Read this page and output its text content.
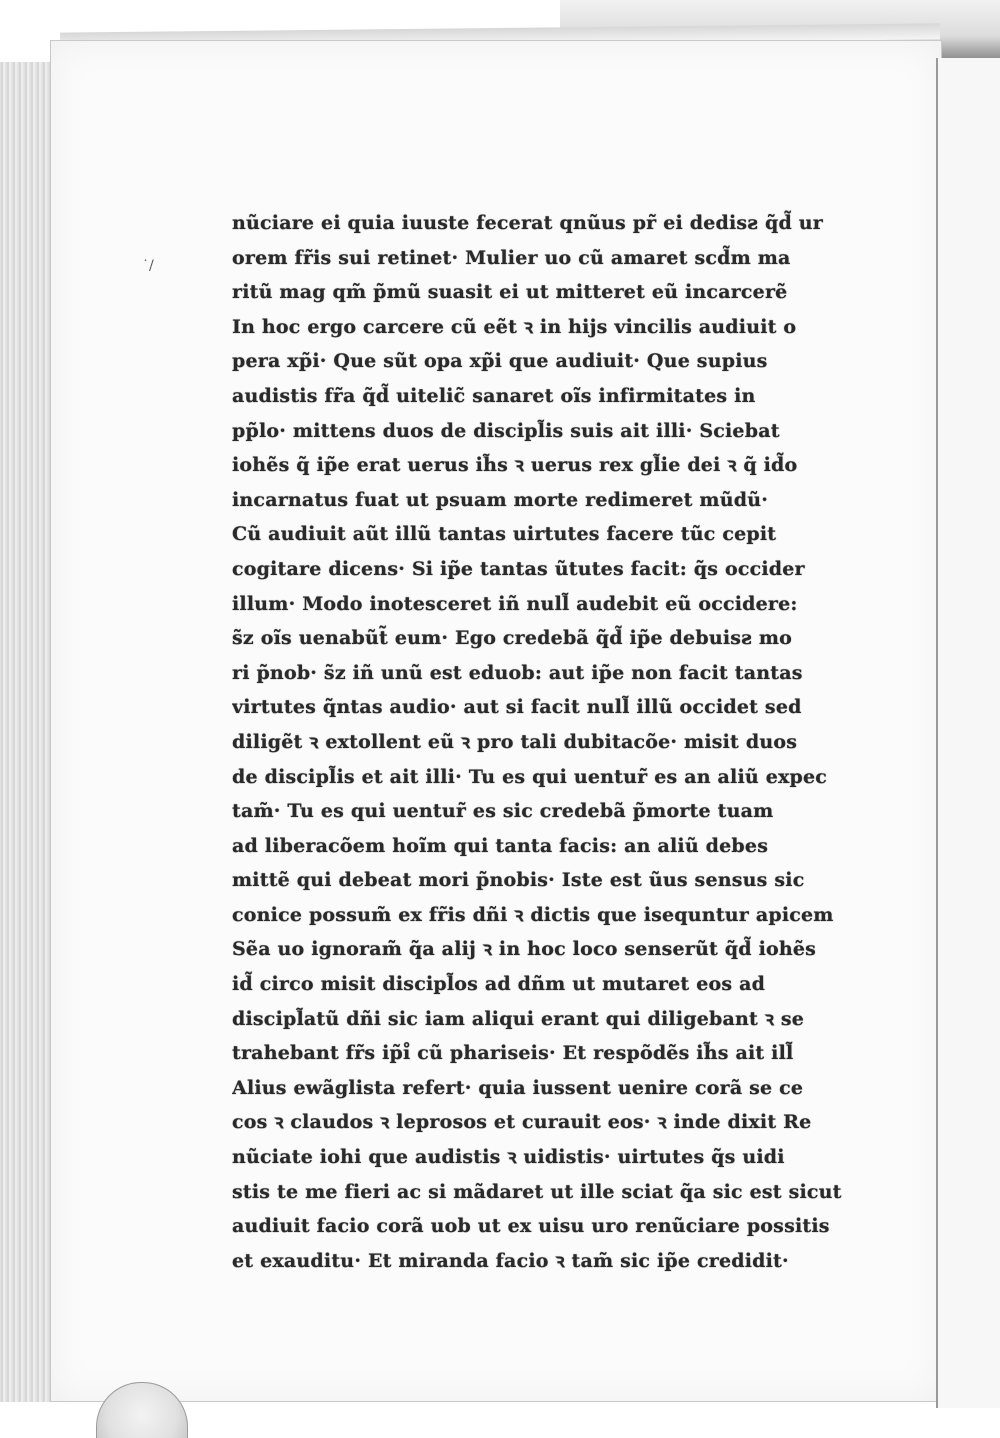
˙/
nũciare ei quia iuuste fecerat qnũus pr̃ ei dedisƨ q̃d̃ ur
orem fr̃is sui retinet· Mulier uo cũ amaret scd̃m ma
ritũ mag qm̃ p̃mũ suasit ei ut mitteret eũ incarcerẽ
In hoc ergo carcere cũ eẽt ꝛ in hijs vincilis audiuit o
pera xp̃i· Que sũt opa xp̃i que audiuit· Que supius
audistis fr̃a q̃d̃ uitelic̃ sanaret oĩs infirmitates in
pp̃lo· mittens duos de discipl̃is suis ait illi· Sciebat
iohẽs q̃ ip̃e erat uerus ih̃s ꝛ uerus rex gl̃ie dei ꝛ q̃ id̃o
incarnatus fuat ut psuam morte redimeret mũdũ·
Cũ audiuit aũt illũ tantas uirtutes facere tũc cepit
cogitare dicens· Si ip̃e tantas ũtutes facit: q̃s occider
illum· Modo inotesceret iñ null̃ audebit eũ occidere:
s̃z oĩs uenabũt̃ eum· Ego credebã q̃d̃ ip̃e debuisƨ mo
ri p̃nob· s̃z iñ unũ est eduob: aut ip̃e non facit tantas
virtutes q̃ntas audio· aut si facit null̃ illũ occidet sed
diligẽt ꝛ extollent eũ ꝛ pro tali dubitacõe· misit duos
de discipl̃is et ait illi· Tu es qui uentur̃ es an aliũ expec
tam̃· Tu es qui uentur̃ es sic credebã p̃morte tuam
ad liberacõem hoĩm qui tanta facis: an aliũ debes
mittẽ qui debeat mori p̃nobis· Iste est ũus sensus sic
conice possum̃ ex fr̃is dñi ꝛ dictis que isequntur apicem
Sẽa uo ignoram̃ q̃a alij ꝛ in hoc loco senserũt q̃d̃ iohẽs
id̃ circo misit discipl̃os ad dñm ut mutaret eos ad
discipl̃atũ dñi sic iam aliqui erant qui diligebant ꝛ se
trahebant fr̃s ip̃i̊ cũ phariseis· Et respõdẽs ih̃s ait ill̃
Alius ewãglista refert· quia iussent uenire corã se ce
cos ꝛ claudos ꝛ leprosos et curauit eos· ꝛ inde dixit Re
nũciate iohi que audistis ꝛ uidistis· uirtutes q̃s uidi
stis te me fieri ac si mãdaret ut ille sciat q̃a sic est sicut
audiuit facio corã uob ut ex uisu uro renũciare possitis
et exauditu· Et miranda facio ꝛ tam̃ sic ip̃e credidit·
